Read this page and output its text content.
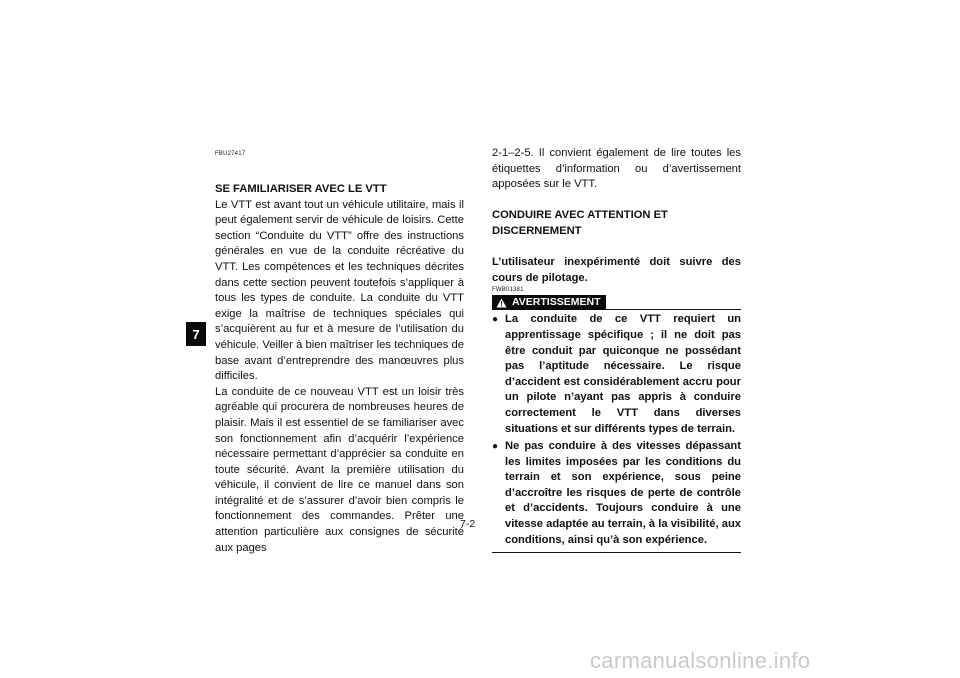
7
FBU27417
SE FAMILIARISER AVEC LE VTT

Le VTT est avant tout un véhicule utilitaire, mais il peut également servir de véhicule de loisirs. Cette section “Conduite du VTT” offre des instructions générales en vue de la conduite récréative du VTT. Les compétences et les techniques décrites dans cette section peuvent toutefois s’appliquer à tous les types de conduite. La conduite du VTT exige la maîtrise de techniques spéciales qui s’acquièrent au fur et à mesure de l’utilisation du véhicule. Veiller à bien maîtriser les techniques de base avant d’entreprendre des manœuvres plus difficiles.

La conduite de ce nouveau VTT est un loisir très agréable qui procurera de nombreuses heures de plaisir. Mais il est essentiel de se familiariser avec son fonctionnement afin d’acquérir l’expérience nécessaire permettant d’apprécier sa conduite en toute sécurité. Avant la première utilisation du véhicule, il convient de lire ce manuel dans son intégralité et de s’assurer d’avoir bien compris le fonctionnement des commandes. Prêter une attention particulière aux consignes de sécurité aux pages

2-1–2-5. Il convient également de lire toutes les étiquettes d’information ou d’avertissement apposées sur le VTT.

CONDUIRE AVEC ATTENTION ET DISCERNEMENT
L’utilisateur inexpérimenté doit suivre des cours de pilotage.
FWB01381
AVERTISSEMENT
● La conduite de ce VTT requiert un apprentissage spécifique ; il ne doit pas être conduit par quiconque ne possédant pas l’aptitude nécessaire. Le risque d’accident est considérablement accru pour un pilote n’ayant pas appris à conduire correctement le VTT dans diverses situations et sur différents types de terrain.
● Ne pas conduire à des vitesses dépassant les limites imposées par les conditions du terrain et son expérience, sous peine d’accroître les risques de perte de contrôle et d’accidents. Toujours conduire à une vitesse adaptée au terrain, à la visibilité, aux conditions, ainsi qu’à son expérience.
7-2
carmanualsonline.info
